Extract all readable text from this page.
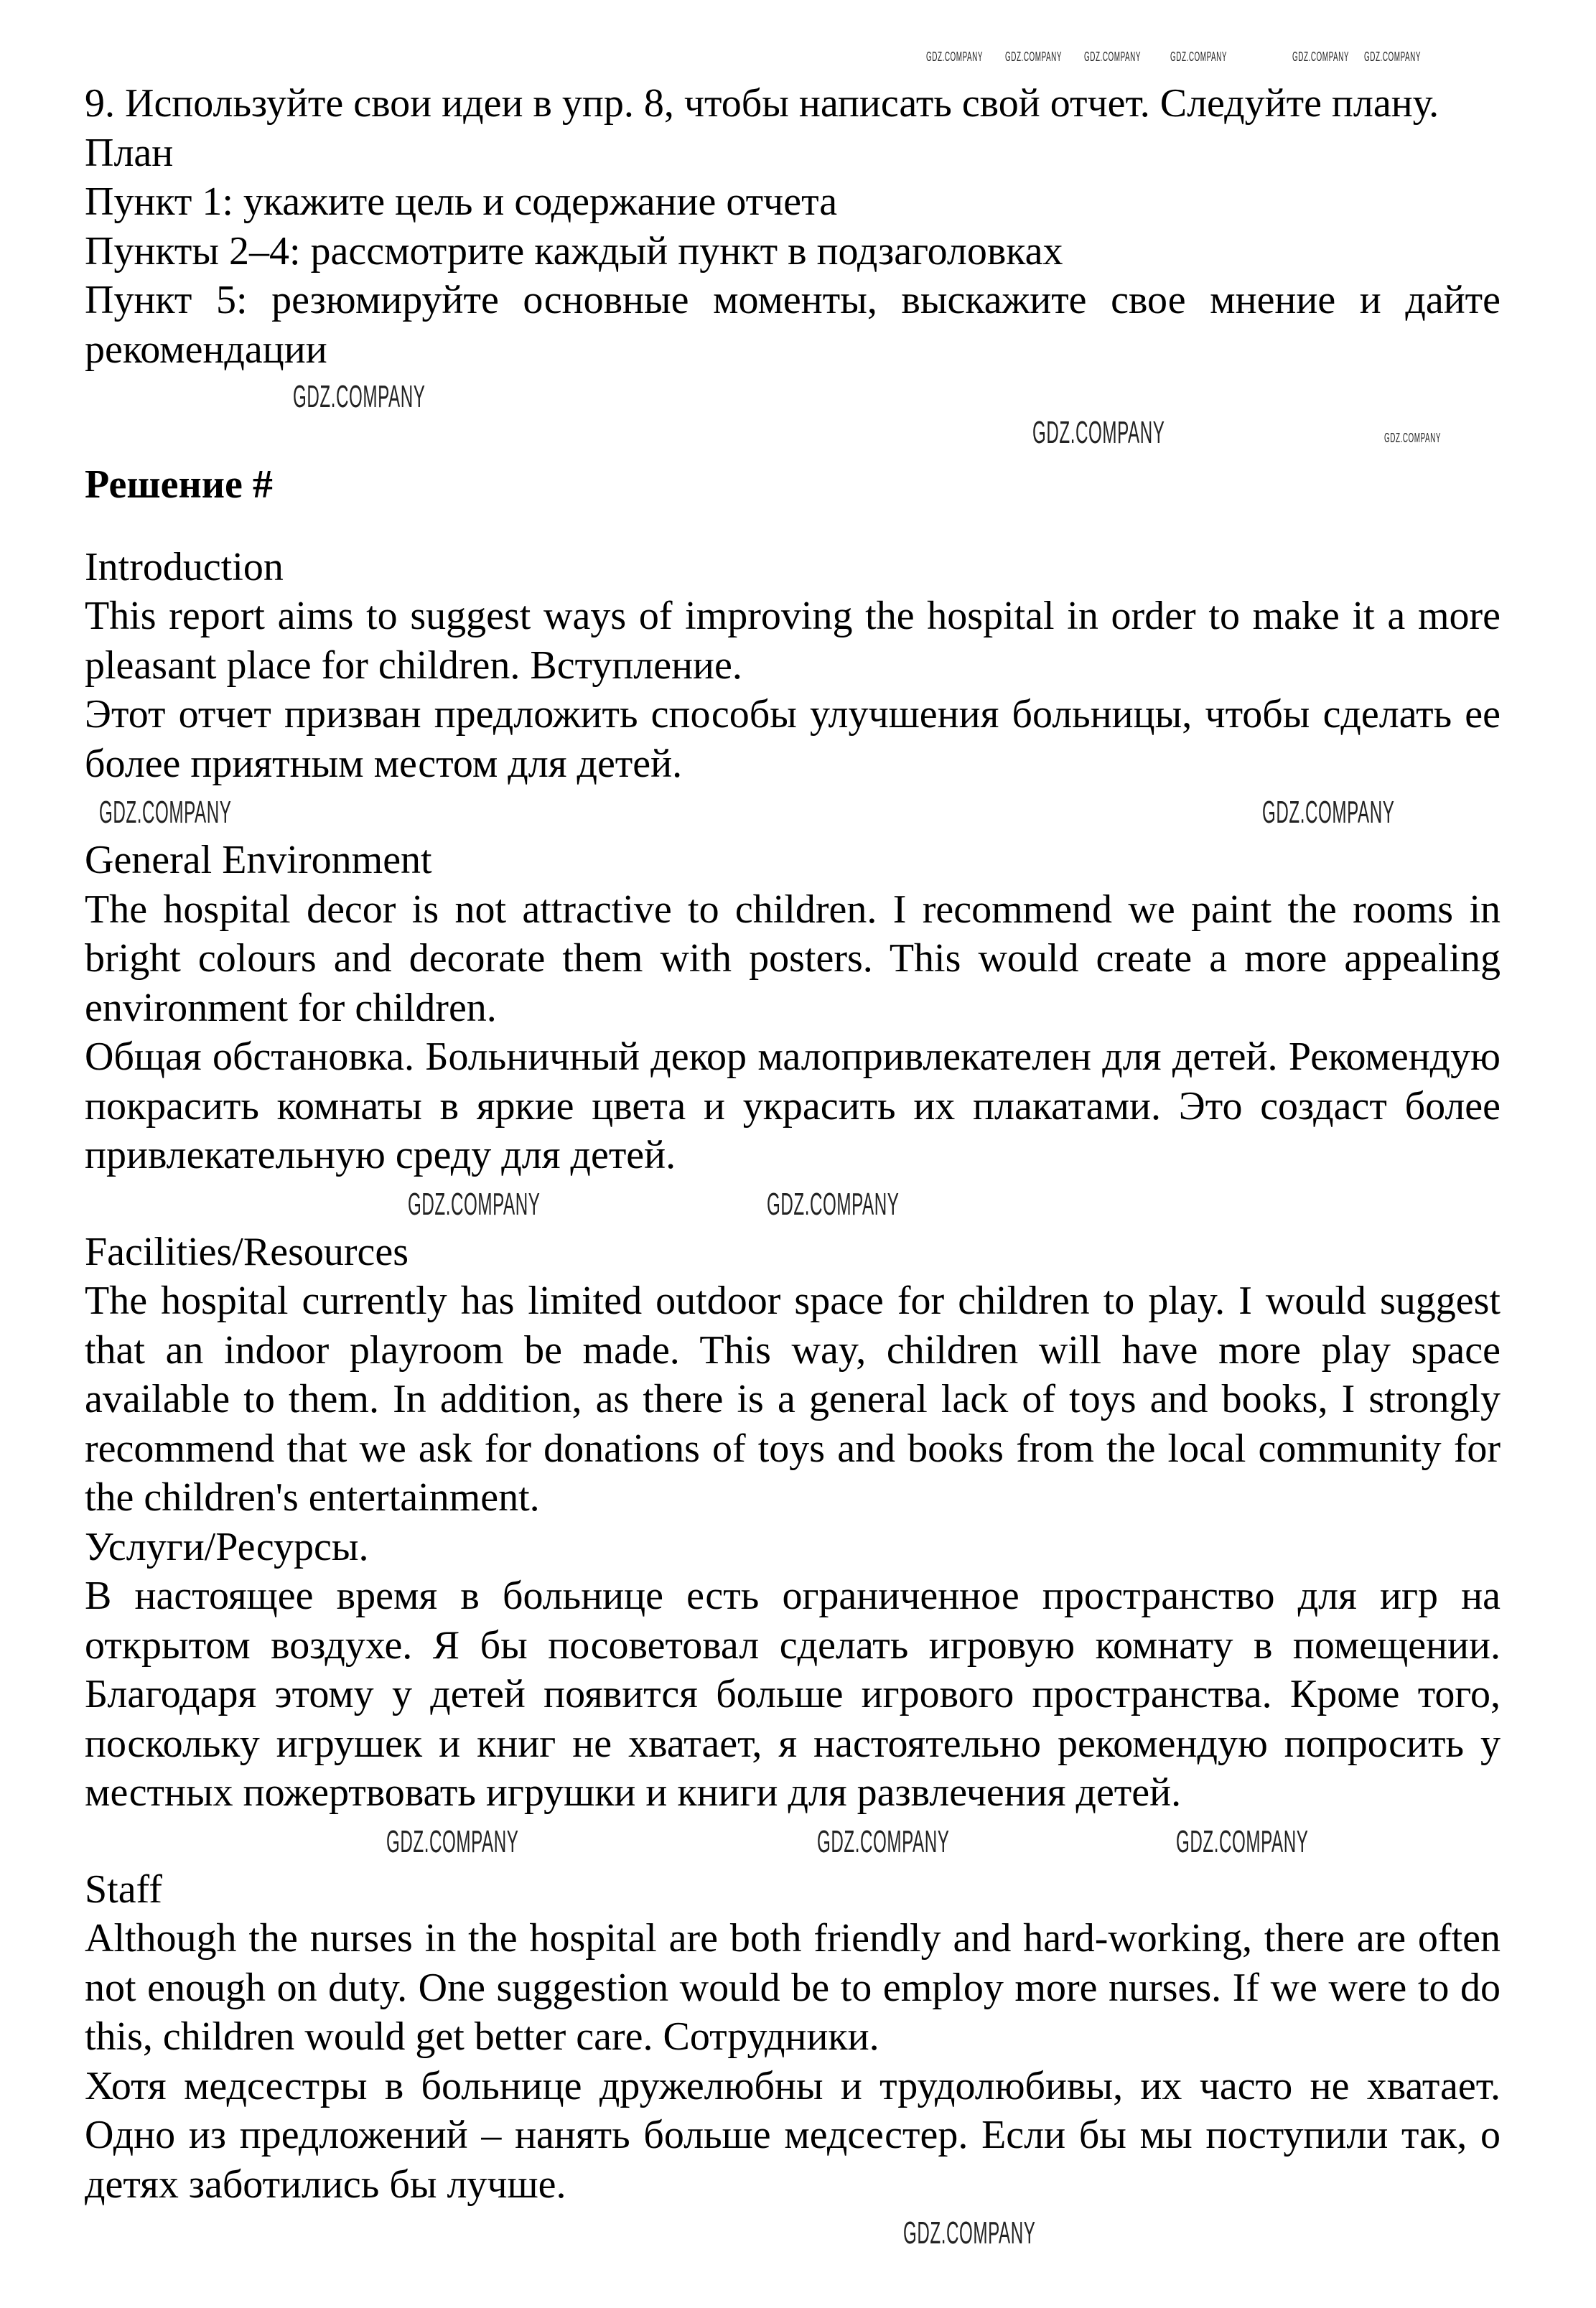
GDZ.COMPANY GDZ.COMPANY GDZ.COMPANY GDZ.COMPANY	GDZ.COMPANY GDZ.COMPANY

9. Используйте свои идеи в упр. 8, чтобы написать свой отчет. Следуйте плану.

План

Пункт 1: укажите цель и содержание отчета

Пункты 2–4: рассмотрите каждый пункт в подзаголовках

Пункт 5: резюмируйте основные моменты, выскажите свое мнение и дайте рекомендации

GDZ.COMPANY
GDZ.COMPANY	GDZ.COMPANY
Решение #

Introduction

This report aims to suggest ways of improving the hospital in order to make it a more pleasant place for children. Вступление.

Этот отчет призван предложить способы улучшения больницы, чтобы сделать ее более приятным местом для детей.

GDZ.COMPANY	GDZ.COMPANY

General Environment

The hospital decor is not attractive to children. I recommend we paint the rooms in bright colours and decorate them with posters. This would create a more appealing environment for children.

Общая обстановка. Больничный декор малопривлекателен для детей. Рекомендую покрасить комнаты в яркие цвета и украсить их плакатами. Это создаст более привлекательную среду для детей.

GDZ.COMPANY
GDZ.COMPANY

Facilities/Resources

The hospital currently has limited outdoor space for children to play. I would suggest that an indoor playroom be made. This way, children will have more play space available to them. In addition, as there is a general lack of toys and books, I strongly recommend that we ask for donations of toys and books from the local community for the children's entertainment.

Услуги/Ресурсы.

В настоящее время в больнице есть ограниченное пространство для игр на открытом воздухе. Я бы посоветовал сделать игровую комнату в помещении. Благодаря этому у детей появится больше игрового пространства. Кроме того, поскольку игрушек и книг не хватает, я настоятельно рекомендую попросить у местных пожертвовать игрушки и книги для развлечения детей.

GDZ.COMPANY	GDZ.COMPANY	GDZ.COMPANY

Staff

Although the nurses in the hospital are both friendly and hard-working, there are often not enough on duty. One suggestion would be to employ more nurses. If we were to do this, children would get better care. Сотрудники.

Хотя медсестры в больнице дружелюбны и трудолюбивы, их часто не хватает. Одно из предложений – нанять больше медсестер. Если бы мы поступили так, о детях заботились бы лучше.

GDZ.COMPANY
